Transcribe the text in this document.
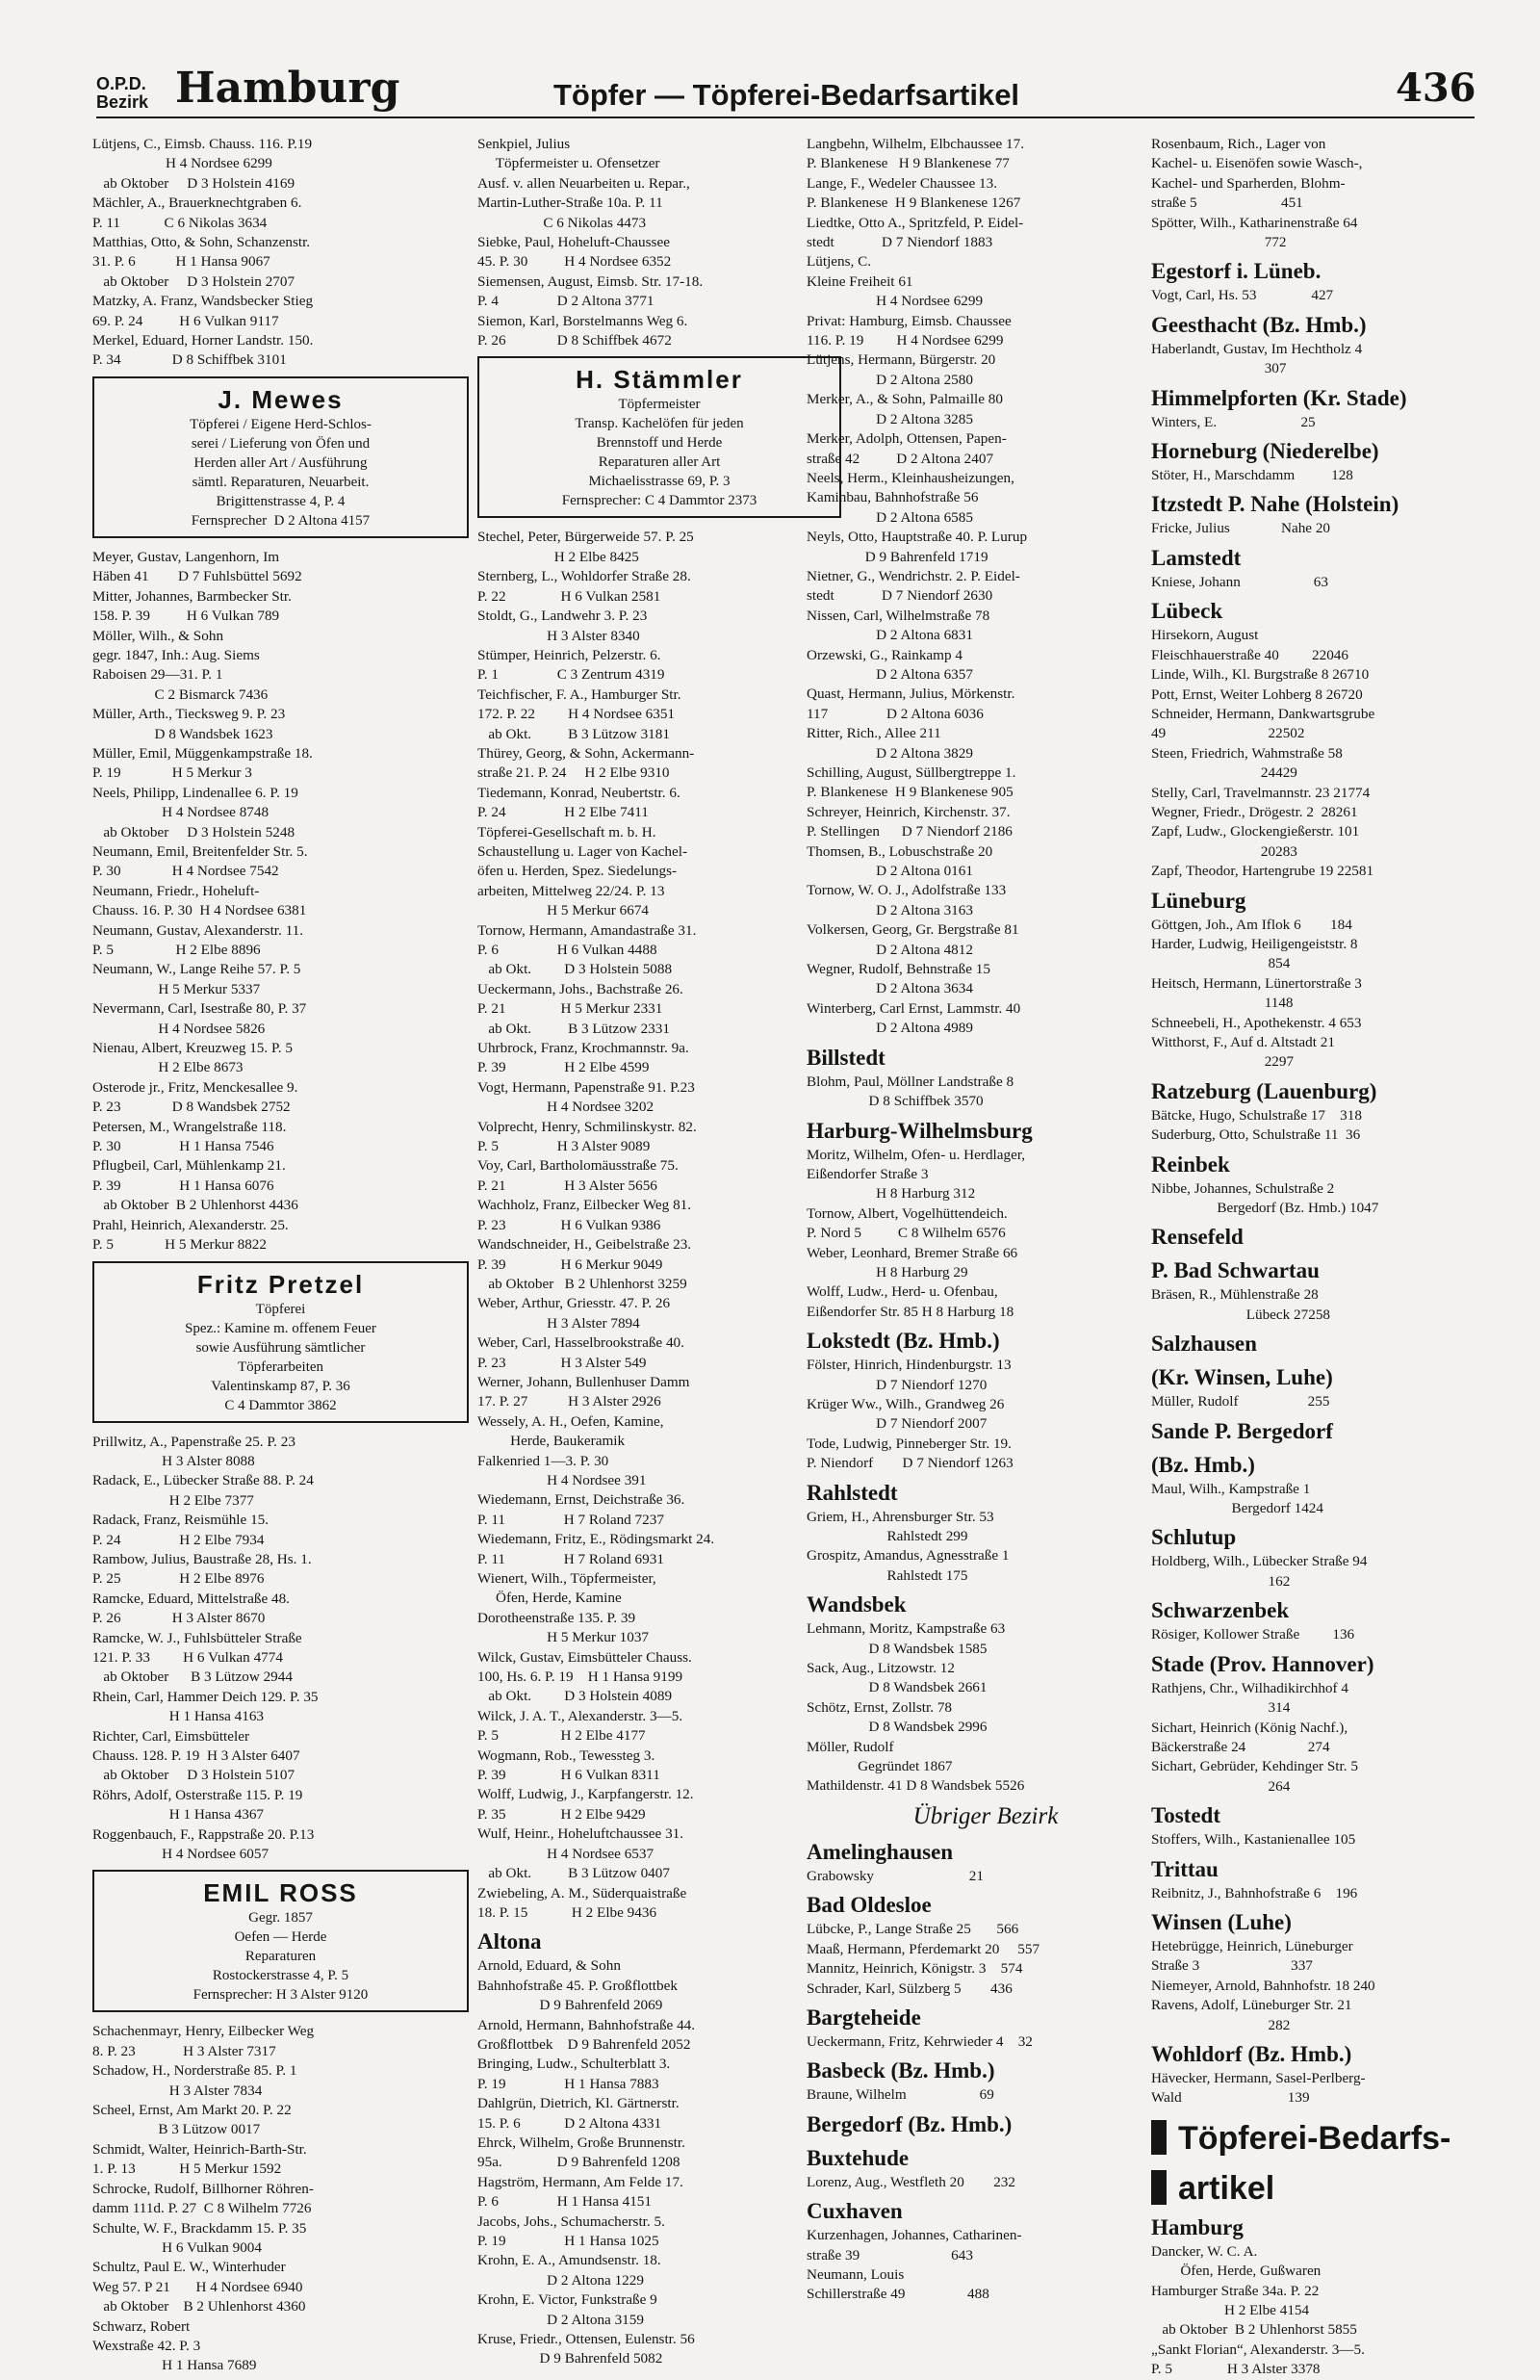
O.P.D.
Bezirk Hamburg	Töpfer — Töpferei-Bedarfsartikel	436
Lütjens, C., Eimsb. Chauss. 116. P.19
H 4 Nordsee 6299
ab Oktober     D 3 Holstein 4169
Mächler, A., Brauerknechtgraben 6.
P. 11            C 6 Nikolas 3634
Matthias, Otto, & Sohn, Schanzenstr.
31. P. 6           H 1 Hansa 9067
ab Oktober     D 3 Holstein 2707
Matzky, A. Franz, Wandsbecker Stieg
69. P. 24          H 6 Vulkan 9117
Merkel, Eduard, Horner Landstr. 150.
P. 34              D 8 Schiffbek 3101
J. Mewes
Töpferei / Eigene Herd-Schlos-
serei / Lieferung von Öfen und
Herden aller Art / Ausführung
sämtl. Reparaturen, Neuarbeit.
Brigittenstrasse 4, P. 4
Fernsprecher  D 2 Altona 4157
Meyer, Gustav, Langenhorn, Im
Häben 41        D 7 Fuhlsbüttel 5692
Mitter, Johannes, Barmbecker Str.
158. P. 39          H 6 Vulkan 789
Möller, Wilh., & Sohn
gegr. 1847, Inh.: Aug. Siems
Raboisen 29—31. P. 1
C 2 Bismarck 7436
Müller, Arth., Tiecksweg 9. P. 23
D 8 Wandsbek 1623
Müller, Emil, Müggenkampstraße 18.
P. 19              H 5 Merkur 3
Neels, Philipp, Lindenallee 6. P. 19
H 4 Nordsee 8748
ab Oktober     D 3 Holstein 5248
Neumann, Emil, Breitenfelder Str. 5.
P. 30              H 4 Nordsee 7542
Neumann, Friedr., Hoheluft-
Chauss. 16. P. 30  H 4 Nordsee 6381
Neumann, Gustav, Alexanderstr. 11.
P. 5                 H 2 Elbe 8896
Neumann, W., Lange Reihe 57. P. 5
H 5 Merkur 5337
Nevermann, Carl, Isestraße 80, P. 37
H 4 Nordsee 5826
Nienau, Albert, Kreuzweg 15. P. 5
H 2 Elbe 8673
Osterode jr., Fritz, Menckesallee 9.
P. 23              D 8 Wandsbek 2752
Petersen, M., Wrangelstraße 118.
P. 30                H 1 Hansa 7546
Pflugbeil, Carl, Mühlenkamp 21.
P. 39                H 1 Hansa 6076
ab Oktober  B 2 Uhlenhorst 4436
Prahl, Heinrich, Alexanderstr. 25.
P. 5              H 5 Merkur 8822
Fritz Pretzel
Töpferei
Spez.: Kamine m. offenem Feuer
sowie Ausführung sämtlicher
Töpferarbeiten
Valentinskamp 87, P. 36
C 4 Dammtor 3862
Prillwitz, A., Papenstraße 25. P. 23
H 3 Alster 8088
Radack, E., Lübecker Straße 88. P. 24
H 2 Elbe 7377
Radack, Franz, Reismühle 15.
P. 24                H 2 Elbe 7934
Rambow, Julius, Baustraße 28, Hs. 1.
P. 25                H 2 Elbe 8976
Ramcke, Eduard, Mittelstraße 48.
P. 26              H 3 Alster 8670
Ramcke, W. J., Fuhlsbütteler Straße
121. P. 33         H 6 Vulkan 4774
ab Oktober      B 3 Lützow 2944
Rhein, Carl, Hammer Deich 129. P. 35
H 1 Hansa 4163
Richter, Carl, Eimsbütteler
Chauss. 128. P. 19  H 3 Alster 6407
ab Oktober     D 3 Holstein 5107
Röhrs, Adolf, Osterstraße 115. P. 19
H 1 Hansa 4367
Roggenbauch, F., Rappstraße 20. P.13
H 4 Nordsee 6057
EMIL ROSS
Gegr. 1857
Oefen — Herde
Reparaturen
Rostockerstrasse 4, P. 5
Fernsprecher: H 3 Alster 9120
Schachenmayr, Henry, Eilbecker Weg
8. P. 23             H 3 Alster 7317
Schadow, H., Norderstraße 85. P. 1
H 3 Alster 7834
Scheel, Ernst, Am Markt 20. P. 22
B 3 Lützow 0017
Schmidt, Walter, Heinrich-Barth-Str.
1. P. 13            H 5 Merkur 1592
Schrocke, Rudolf, Billhorner Röhren-
damm 111d. P. 27  C 8 Wilhelm 7726
Schulte, W. F., Brackdamm 15. P. 35
H 6 Vulkan 9004
Schultz, Paul E. W., Winterhuder
Weg 57. P 21       H 4 Nordsee 6940
ab Oktober    B 2 Uhlenhorst 4360
Schwarz, Robert
Wexstraße 42. P. 3
H 1 Hansa 7689
Senkpiel, Julius
Töpfermeister u. Ofensetzer
Ausf. v. allen Neuarbeiten u. Repar.,
Martin-Luther-Straße 10a. P. 11
C 6 Nikolas 4473
Siebke, Paul, Hoheluft-Chaussee
45. P. 30          H 4 Nordsee 6352
Siemensen, August, Eimsb. Str. 17-18.
P. 4                D 2 Altona 3771
Siemon, Karl, Borstelmanns Weg 6.
P. 26              D 8 Schiffbek 4672
H. Stämmler
Töpfermeister
Transp. Kachelöfen für jeden
Brennstoff und Herde
Reparaturen aller Art
Michaelisstrasse 69, P. 3
Fernsprecher: C 4 Dammtor 2373
Stechel, Peter, Bürgerweide 57. P. 25
H 2 Elbe 8425
Sternberg, L., Wohldorfer Straße 28.
P. 22               H 6 Vulkan 2581
Stoldt, G., Landwehr 3. P. 23
H 3 Alster 8340
Stümper, Heinrich, Pelzerstr. 6.
P. 1                C 3 Zentrum 4319
Teichfischer, F. A., Hamburger Str.
172. P. 22         H 4 Nordsee 6351
ab Okt.          B 3 Lützow 3181
Thürey, Georg, & Sohn, Ackermann-
straße 21. P. 24     H 2 Elbe 9310
Tiedemann, Konrad, Neubertstr. 6.
P. 24                H 2 Elbe 7411
Töpferei-Gesellschaft m. b. H.
Schaustellung u. Lager von Kachel-
öfen u. Herden, Spez. Siedelungs-
arbeiten, Mittelweg 22/24. P. 13
H 5 Merkur 6674
Tornow, Hermann, Amandastraße 31.
P. 6                H 6 Vulkan 4488
ab Okt.         D 3 Holstein 5088
Ueckermann, Johs., Bachstraße 26.
P. 21               H 5 Merkur 2331
ab Okt.          B 3 Lützow 2331
Uhrbrock, Franz, Krochmannstr. 9a.
P. 39                H 2 Elbe 4599
Vogt, Hermann, Papenstraße 91. P.23
H 4 Nordsee 3202
Volprecht, Henry, Schmilinskystr. 82.
P. 5                H 3 Alster 9089
Voy, Carl, Bartholomäusstraße 75.
P. 21                H 3 Alster 5656
Wachholz, Franz, Eilbecker Weg 81.
P. 23               H 6 Vulkan 9386
Wandschneider, H., Geibelstraße 23.
P. 39               H 6 Merkur 9049
ab Oktober   B 2 Uhlenhorst 3259
Weber, Arthur, Griesstr. 47. P. 26
H 3 Alster 7894
Weber, Carl, Hasselbrookstraße 40.
P. 23               H 3 Alster 549
Werner, Johann, Bullenhuser Damm
17. P. 27           H 3 Alster 2926
Wessely, A. H., Oefen, Kamine,
Herde, Baukeramik
Falkenried 1—3. P. 30
H 4 Nordsee 391
Wiedemann, Ernst, Deichstraße 36.
P. 11                H 7 Roland 7237
Wiedemann, Fritz, E., Rödingsmarkt 24.
P. 11                H 7 Roland 6931
Wienert, Wilh., Töpfermeister,
Öfen, Herde, Kamine
Dorotheenstraße 135. P. 39
H 5 Merkur 1037
Wilck, Gustav, Eimsbütteler Chauss.
100, Hs. 6. P. 19    H 1 Hansa 9199
ab Okt.         D 3 Holstein 4089
Wilck, J. A. T., Alexanderstr. 3—5.
P. 5                 H 2 Elbe 4177
Wogmann, Rob., Tewessteg 3.
P. 39               H 6 Vulkan 8311
Wolff, Ludwig, J., Karpfangerstr. 12.
P. 35               H 2 Elbe 9429
Wulf, Heinr., Hoheluftchaussee 31.
H 4 Nordsee 6537
ab Okt.          B 3 Lützow 0407
Zwiebeling, A. M., Süderquaistraße
18. P. 15            H 2 Elbe 9436
Altona
Arnold, Eduard, & Sohn
Bahnhofstraße 45. P. Großflottbek
D 9 Bahrenfeld 2069
Arnold, Hermann, Bahnhofstraße 44.
Großflottbek    D 9 Bahrenfeld 2052
Bringing, Ludw., Schulterblatt 3.
P. 19                H 1 Hansa 7883
Dahlgrün, Dietrich, Kl. Gärtnerstr.
15. P. 6            D 2 Altona 4331
Ehrck, Wilhelm, Große Brunnenstr.
95a.               D 9 Bahrenfeld 1208
Hagström, Hermann, Am Felde 17.
P. 6                H 1 Hansa 4151
Jacobs, Johs., Schumacherstr. 5.
P. 19                H 1 Hansa 1025
Krohn, E. A., Amundsenstr. 18.
D 2 Altona 1229
Krohn, E. Victor, Funkstraße 9
D 2 Altona 3159
Kruse, Friedr., Ottensen, Eulenstr. 56
D 9 Bahrenfeld 5082
Langbehn, Wilhelm, Elbchaussee 17.
P. Blankenese   H 9 Blankenese 77
Lange, F., Wedeler Chaussee 13.
P. Blankenese  H 9 Blankenese 1267
Liedtke, Otto A., Spritzfeld, P. Eidel-
stedt             D 7 Niendorf 1883
Lütjens, C.
Kleine Freiheit 61
H 4 Nordsee 6299
Privat: Hamburg, Eimsb. Chaussee
116. P. 19         H 4 Nordsee 6299
Lütjens, Hermann, Bürgerstr. 20
D 2 Altona 2580
Merker, A., & Sohn, Palmaille 80
D 2 Altona 3285
Merker, Adolph, Ottensen, Papen-
straße 42          D 2 Altona 2407
Neels, Herm., Kleinhausheizungen,
Kaminbau, Bahnhofstraße 56
D 2 Altona 6585
Neyls, Otto, Hauptstraße 40. P. Lurup
D 9 Bahrenfeld 1719
Nietner, G., Wendrichstr. 2. P. Eidel-
stedt             D 7 Niendorf 2630
Nissen, Carl, Wilhelmstraße 78
D 2 Altona 6831
Orzewski, G., Rainkamp 4
D 2 Altona 6357
Quast, Hermann, Julius, Mörkenstr.
117                D 2 Altona 6036
Ritter, Rich., Allee 211
D 2 Altona 3829
Schilling, August, Süllbergtreppe 1.
P. Blankenese  H 9 Blankenese 905
Schreyer, Heinrich, Kirchenstr. 37.
P. Stellingen      D 7 Niendorf 2186
Thomsen, B., Lobuschstraße 20
D 2 Altona 0161
Tornow, W. O. J., Adolfstraße 133
D 2 Altona 3163
Volkersen, Georg, Gr. Bergstraße 81
D 2 Altona 4812
Wegner, Rudolf, Behnstraße 15
D 2 Altona 3634
Winterberg, Carl Ernst, Lammstr. 40
D 2 Altona 4989
Billstedt
Blohm, Paul, Möllner Landstraße 8
D 8 Schiffbek 3570
Harburg-Wilhelmsburg
Moritz, Wilhelm, Ofen- u. Herdlager,
Eißendorfer Straße 3
H 8 Harburg 312
Tornow, Albert, Vogelhüttendeich.
P. Nord 5          C 8 Wilhelm 6576
Weber, Leonhard, Bremer Straße 66
H 8 Harburg 29
Wolff, Ludw., Herd- u. Ofenbau,
Eißendorfer Str. 85 H 8 Harburg 18
Lokstedt (Bz. Hmb.)
Fölster, Hinrich, Hindenburgstr. 13
D 7 Niendorf 1270
Krüger Ww., Wilh., Grandweg 26
D 7 Niendorf 2007
Tode, Ludwig, Pinneberger Str. 19.
P. Niendorf        D 7 Niendorf 1263
Rahlstedt
Griem, H., Ahrensburger Str. 53
Rahlstedt 299
Grospitz, Amandus, Agnesstraße 1
Rahlstedt 175
Wandsbek
Lehmann, Moritz, Kampstraße 63
D 8 Wandsbek 1585
Sack, Aug., Litzowstr. 12
D 8 Wandsbek 2661
Schötz, Ernst, Zollstr. 78
D 8 Wandsbek 2996
Möller, Rudolf
Gegründet 1867
Mathildenstr. 41 D 8 Wandsbek 5526
Übriger Bezirk
Amelinghausen
Grabowsky                          21
Bad Oldesloe
Lübcke, P., Lange Straße 25       566
Maaß, Hermann, Pferdemarkt 20     557
Mannitz, Heinrich, Königstr. 3    574
Schrader, Karl, Sülzberg 5        436
Bargteheide
Ueckermann, Fritz, Kehrwieder 4    32
Basbeck (Bz. Hmb.)
Braune, Wilhelm                    69
Bergedorf (Bz. Hmb.)
Buxtehude
Lorenz, Aug., Westfleth 20        232
Cuxhaven
Kurzenhagen, Johannes, Catharinen-
straße 39                         643
Neumann, Louis
Schillerstraße 49                 488
Rosenbaum, Rich., Lager von
Kachel- u. Eisenöfen sowie Wasch-,
Kachel- und Sparherden, Blohm-
straße 5                       451
Spötter, Wilh., Katharinenstraße 64
772
Egestorf i. Lüneb.
Vogt, Carl, Hs. 53               427
Geesthacht (Bz. Hmb.)
Haberlandt, Gustav, Im Hechtholz 4
307
Himmelpforten (Kr. Stade)
Winters, E.                       25
Horneburg (Niederelbe)
Stöter, H., Marschdamm          128
Itzstedt P. Nahe (Holstein)
Fricke, Julius              Nahe 20
Lamstedt
Kniese, Johann                    63
Lübeck
Hirsekorn, August
Fleischhauerstraße 40         22046
Linde, Wilh., Kl. Burgstraße 8 26710
Pott, Ernst, Weiter Lohberg 8 26720
Schneider, Hermann, Dankwartsgrube
49                            22502
Steen, Friedrich, Wahmstraße 58
24429
Stelly, Carl, Travelmannstr. 23 21774
Wegner, Friedr., Drögestr. 2  28261
Zapf, Ludw., Glockengießerstr. 101
20283
Zapf, Theodor, Hartengrube 19 22581
Lüneburg
Göttgen, Joh., Am Iflok 6        184
Harder, Ludwig, Heiligengeiststr. 8
854
Heitsch, Hermann, Lünertorstraße 3
1148
Schneebeli, H., Apothekenstr. 4 653
Witthorst, F., Auf d. Altstadt 21
2297
Ratzeburg (Lauenburg)
Bätcke, Hugo, Schulstraße 17    318
Suderburg, Otto, Schulstraße 11  36
Reinbek
Nibbe, Johannes, Schulstraße 2
Bergedorf (Bz. Hmb.) 1047
Rensefeld
P. Bad Schwartau
Bräsen, R., Mühlenstraße 28
Lübeck 27258
Salzhausen
(Kr. Winsen, Luhe)
Müller, Rudolf                   255
Sande P. Bergedorf
(Bz. Hmb.)
Maul, Wilh., Kampstraße 1
Bergedorf 1424
Schlutup
Holdberg, Wilh., Lübecker Straße 94
162
Schwarzenbek
Rösiger, Kollower Straße         136
Stade (Prov. Hannover)
Rathjens, Chr., Wilhadikirchhof 4
314
Sichart, Heinrich (König Nachf.),
Bäckerstraße 24                 274
Sichart, Gebrüder, Kehdinger Str. 5
264
Tostedt
Stoffers, Wilh., Kastanienallee 105
Trittau
Reibnitz, J., Bahnhofstraße 6    196
Winsen (Luhe)
Hetebrügge, Heinrich, Lüneburger
Straße 3                         337
Niemeyer, Arnold, Bahnhofstr. 18 240
Ravens, Adolf, Lüneburger Str. 21
282
Wohldorf (Bz. Hmb.)
Hävecker, Hermann, Sasel-Perlberg-
Wald                             139
Töpferei-Bedarfs-
artikel
Hamburg
Dancker, W. C. A.
Öfen, Herde, Gußwaren
Hamburger Straße 34a. P. 22
H 2 Elbe 4154
ab Oktober  B 2 Uhlenhorst 5855
„Sankt Florian“, Alexanderstr. 3—5.
P. 5               H 3 Alster 3378
